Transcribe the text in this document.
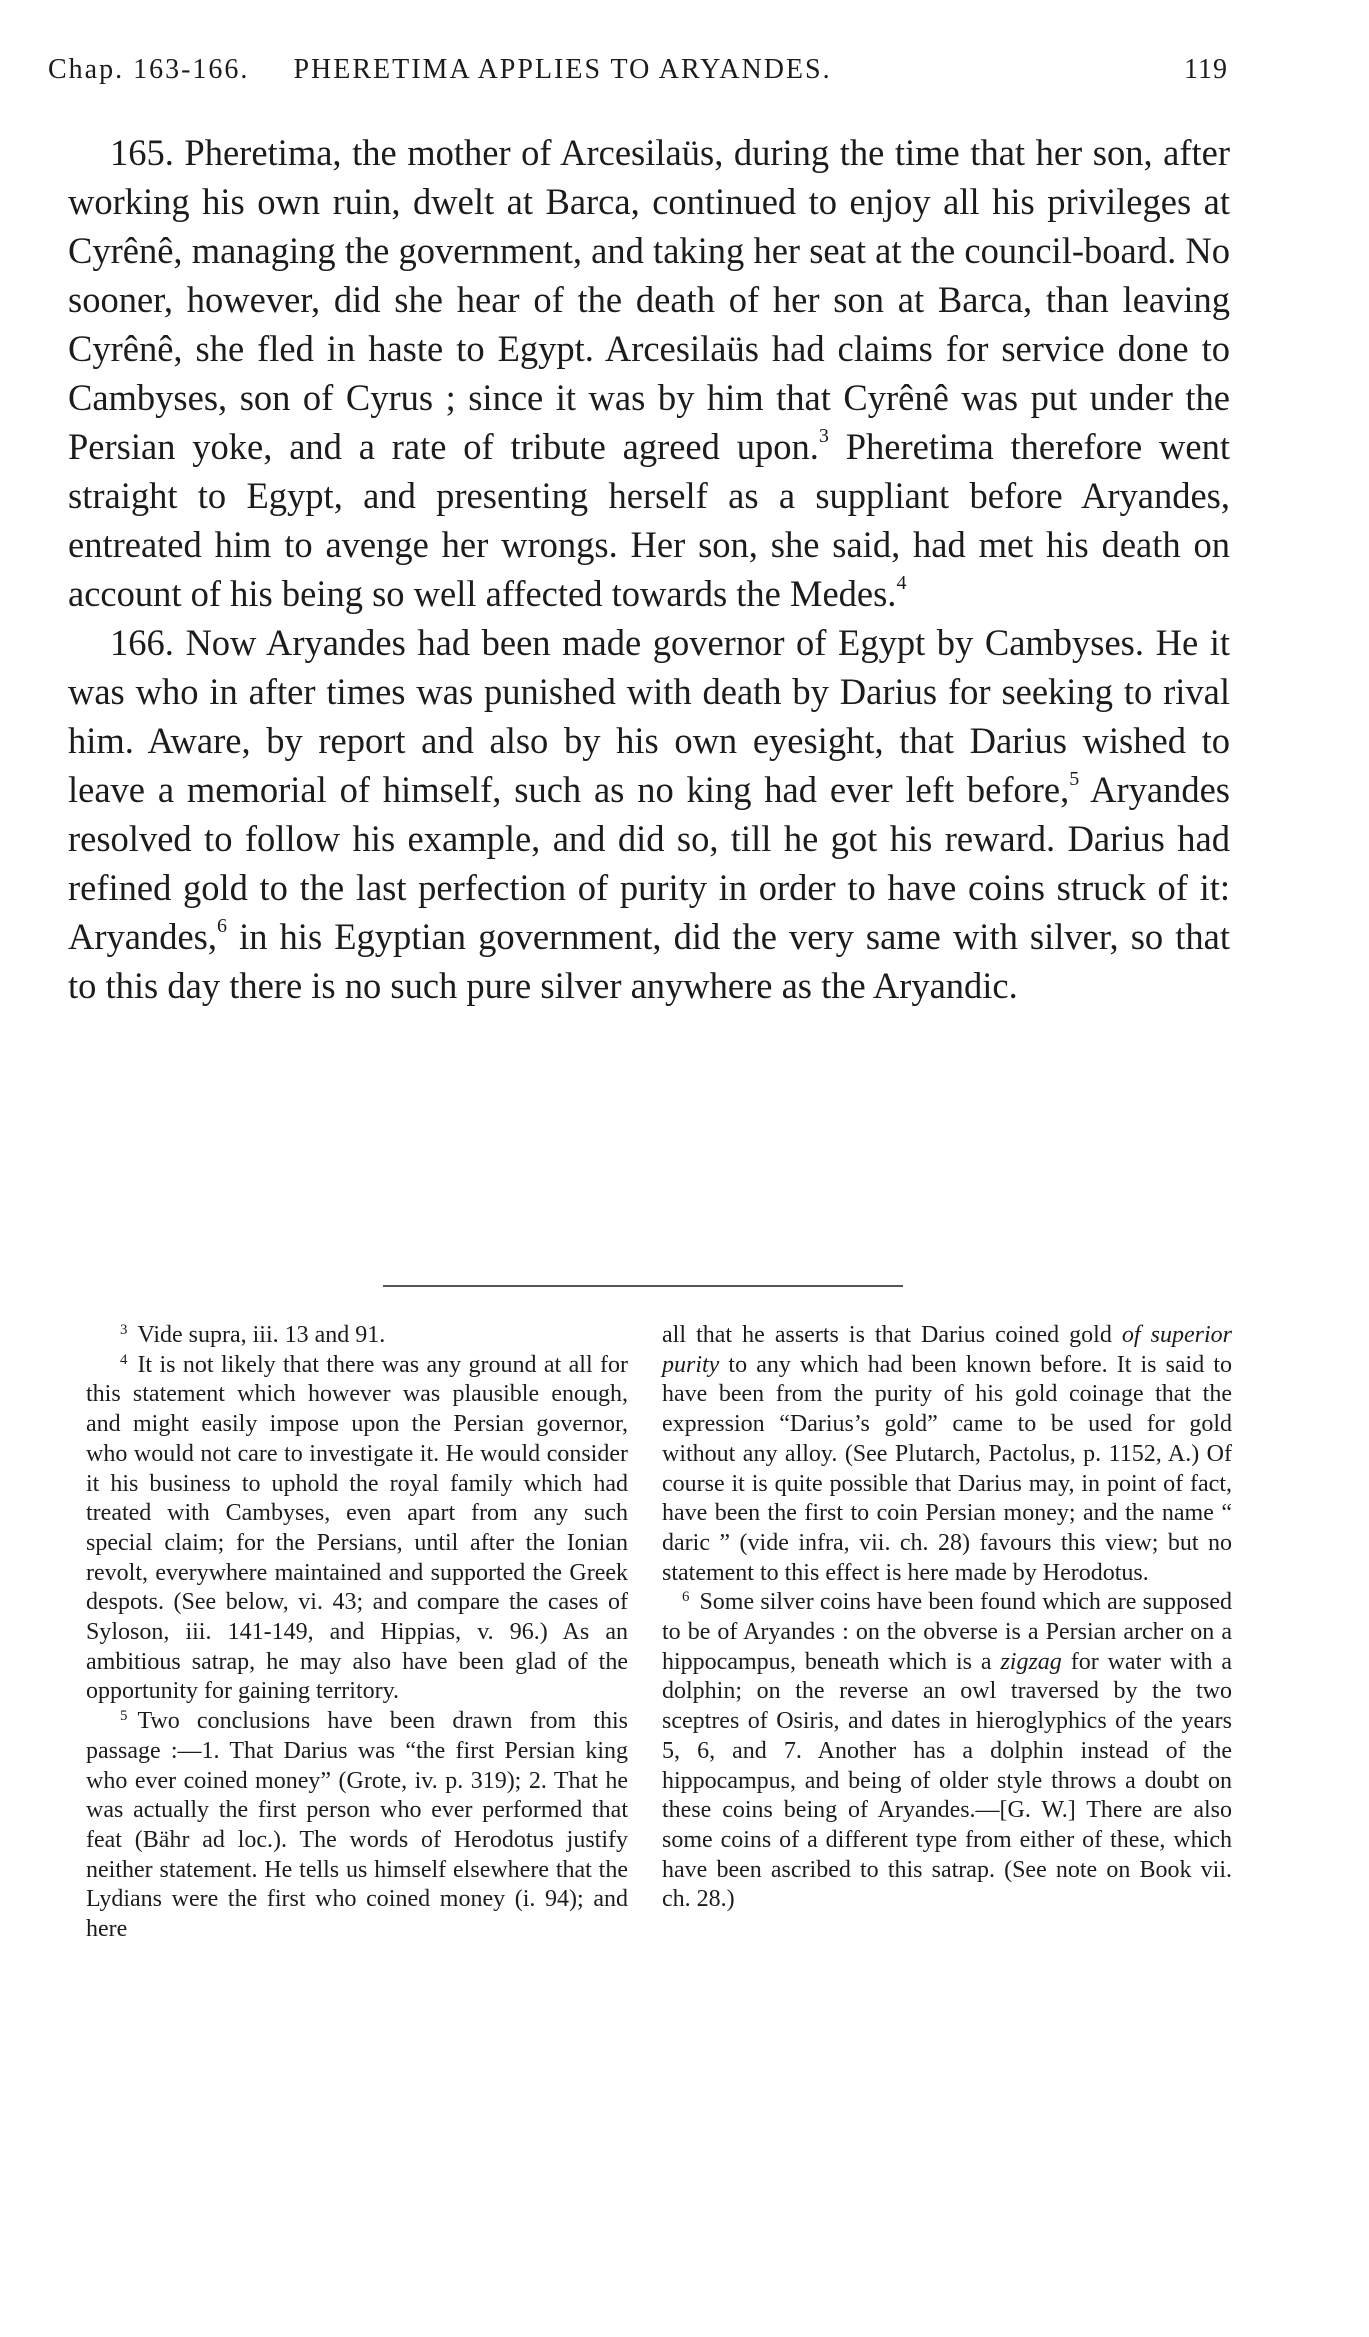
Chap. 163-166. PHERETIMA APPLIES TO ARYANDES.	119

165. Pheretima, the mother of Arcesilaüs, during the time that her son, after working his own ruin, dwelt at Barca, continued to enjoy all his privileges at Cyrênê, managing the government, and taking her seat at the council-board. No sooner, however, did she hear of the death of her son at Barca, than leaving Cyrênê, she fled in haste to Egypt. Arcesilaüs had claims for service done to Cambyses, son of Cyrus ; since it was by him that Cyrênê was put under the Persian yoke, and a rate of tribute agreed upon.$^3$ Pheretima therefore went straight to Egypt, and presenting herself as a suppliant before Aryandes, entreated him to avenge her wrongs. Her son, she said, had met his death on account of his being so well affected towards the Medes.$^4$

166. Now Aryandes had been made governor of Egypt by Cambyses. He it was who in after times was punished with death by Darius for seeking to rival him. Aware, by report and also by his own eyesight, that Darius wished to leave a memorial of himself, such as no king had ever left before,$^5$ Aryandes resolved to follow his example, and did so, till he got his reward. Darius had refined gold to the last perfection of purity in order to have coins struck of it: Aryandes,$^6$ in his Egyptian government, did the very same with silver, so that to this day there is no such pure silver anywhere as the Aryandic.

$^3$ Vide supra, iii. 13 and 91.

$^4$ It is not likely that there was any ground at all for this statement which however was plausible enough, and might easily impose upon the Persian governor, who would not care to investigate it. He would consider it his business to uphold the royal family which had treated with Cambyses, even apart from any such special claim; for the Persians, until after the Ionian revolt, everywhere maintained and supported the Greek despots. (See below, vi. 43; and compare the cases of Syloson, iii. 141-149, and Hippias, v. 96.) As an ambitious satrap, he may also have been glad of the opportunity for gaining territory.

$^5$ Two conclusions have been drawn from this passage :—1. That Darius was “the first Persian king who ever coined money” (Grote, iv. p. 319); 2. That he was actually the first person who ever performed that feat (Bähr ad loc.). The words of Herodotus justify neither statement. He tells us himself elsewhere that the Lydians were the first who coined money (i. 94); and here

all that he asserts is that Darius coined gold of superior purity to any which had been known before. It is said to have been from the purity of his gold coinage that the expression “Darius’s gold” came to be used for gold without any alloy. (See Plutarch, Pactolus, p. 1152, A.) Of course it is quite possible that Darius may, in point of fact, have been the first to coin Persian money; and the name “ daric ” (vide infra, vii. ch. 28) favours this view; but no statement to this effect is here made by Herodotus.

$^6$ Some silver coins have been found which are supposed to be of Aryandes : on the obverse is a Persian archer on a hippocampus, beneath which is a zigzag for water with a dolphin; on the reverse an owl traversed by the two sceptres of Osiris, and dates in hieroglyphics of the years 5, 6, and 7. Another has a dolphin instead of the hippocampus, and being of older style throws a doubt on these coins being of Aryandes.—[G. W.] There are also some coins of a different type from either of these, which have been ascribed to this satrap. (See note on Book vii. ch. 28.)
